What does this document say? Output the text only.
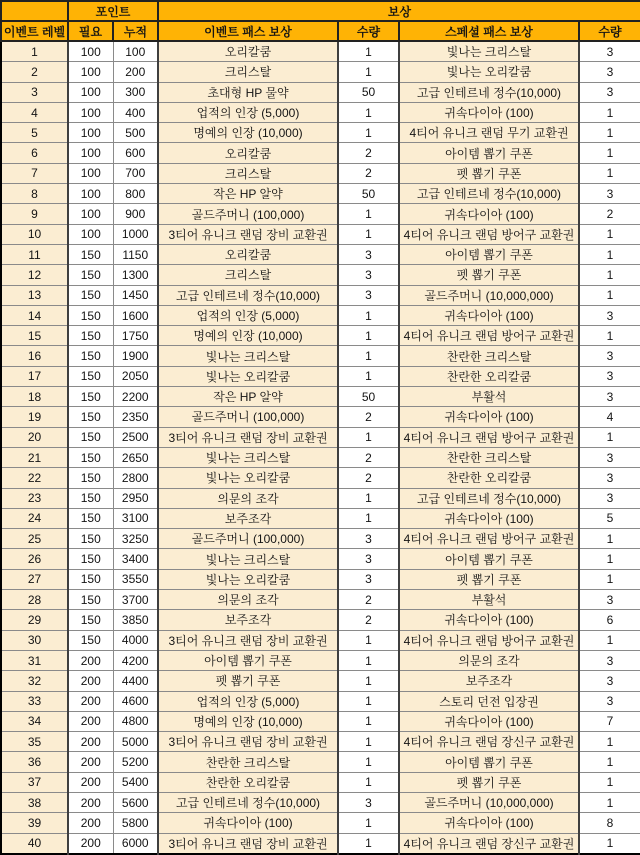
	포인트		보상			
이벤트 레벨	필요	누적	이벤트 패스 보상	수량	스페셜 패스 보상	수량
1	100	100	오리칼쿰	1	빛나는 크리스탈	3
2	100	200	크리스탈	1	빛나는 오리칼쿰	3
3	100	300	초대형 HP 물약	50	고급 인테르네 정수(10,000)	3
4	100	400	업적의 인장 (5,000)	1	귀속다이아 (100)	1
5	100	500	명예의 인장 (10,000)	1	4티어 유니크 랜덤 무기 교환권	1
6	100	600	오리칼쿰	2	아이템 뽑기 쿠폰	1
7	100	700	크리스탈	2	펫 뽑기 쿠폰	1
8	100	800	작은 HP 알약	50	고급 인테르네 정수(10,000)	3
9	100	900	골드주머니 (100,000)	1	귀속다이아 (100)	2
10	100	1000	3티어 유니크 랜덤 장비 교환권	1	4티어 유니크 랜덤 방어구 교환권	1
11	150	1150	오리칼쿰	3	아이템 뽑기 쿠폰	1
12	150	1300	크리스탈	3	펫 뽑기 쿠폰	1
13	150	1450	고급 인테르네 정수(10,000)	3	골드주머니 (10,000,000)	1
14	150	1600	업적의 인장 (5,000)	1	귀속다이아 (100)	3
15	150	1750	명예의 인장 (10,000)	1	4티어 유니크 랜덤 방어구 교환권	1
16	150	1900	빛나는 크리스탈	1	찬란한 크리스탈	3
17	150	2050	빛나는 오리칼쿰	1	찬란한 오리칼쿰	3
18	150	2200	작은 HP 알약	50	부활석	3
19	150	2350	골드주머니 (100,000)	2	귀속다이아 (100)	4
20	150	2500	3티어 유니크 랜덤 장비 교환권	1	4티어 유니크 랜덤 방어구 교환권	1
21	150	2650	빛나는 크리스탈	2	찬란한 크리스탈	3
22	150	2800	빛나는 오리칼쿰	2	찬란한 오리칼쿰	3
23	150	2950	의문의 조각	1	고급 인테르네 정수(10,000)	3
24	150	3100	보주조각	1	귀속다이아 (100)	5
25	150	3250	골드주머니 (100,000)	3	4티어 유니크 랜덤 방어구 교환권	1
26	150	3400	빛나는 크리스탈	3	아이템 뽑기 쿠폰	1
27	150	3550	빛나는 오리칼쿰	3	펫 뽑기 쿠폰	1
28	150	3700	의문의 조각	2	부활석	3
29	150	3850	보주조각	2	귀속다이아 (100)	6
30	150	4000	3티어 유니크 랜덤 장비 교환권	1	4티어 유니크 랜덤 방어구 교환권	1
31	200	4200	아이템 뽑기 쿠폰	1	의문의 조각	3
32	200	4400	펫 뽑기 쿠폰	1	보주조각	3
33	200	4600	업적의 인장 (5,000)	1	스토리 던전 입장권	3
34	200	4800	명예의 인장 (10,000)	1	귀속다이아 (100)	7
35	200	5000	3티어 유니크 랜덤 장비 교환권	1	4티어 유니크 랜덤 장신구 교환권	1
36	200	5200	찬란한 크리스탈	1	아이템 뽑기 쿠폰	1
37	200	5400	찬란한 오리칼쿰	1	펫 뽑기 쿠폰	1
38	200	5600	고급 인테르네 정수(10,000)	3	골드주머니 (10,000,000)	1
39	200	5800	귀속다이아 (100)	1	귀속다이아 (100)	8
40	200	6000	3티어 유니크 랜덤 장비 교환권	1	4티어 유니크 랜덤 장신구 교환권	1
